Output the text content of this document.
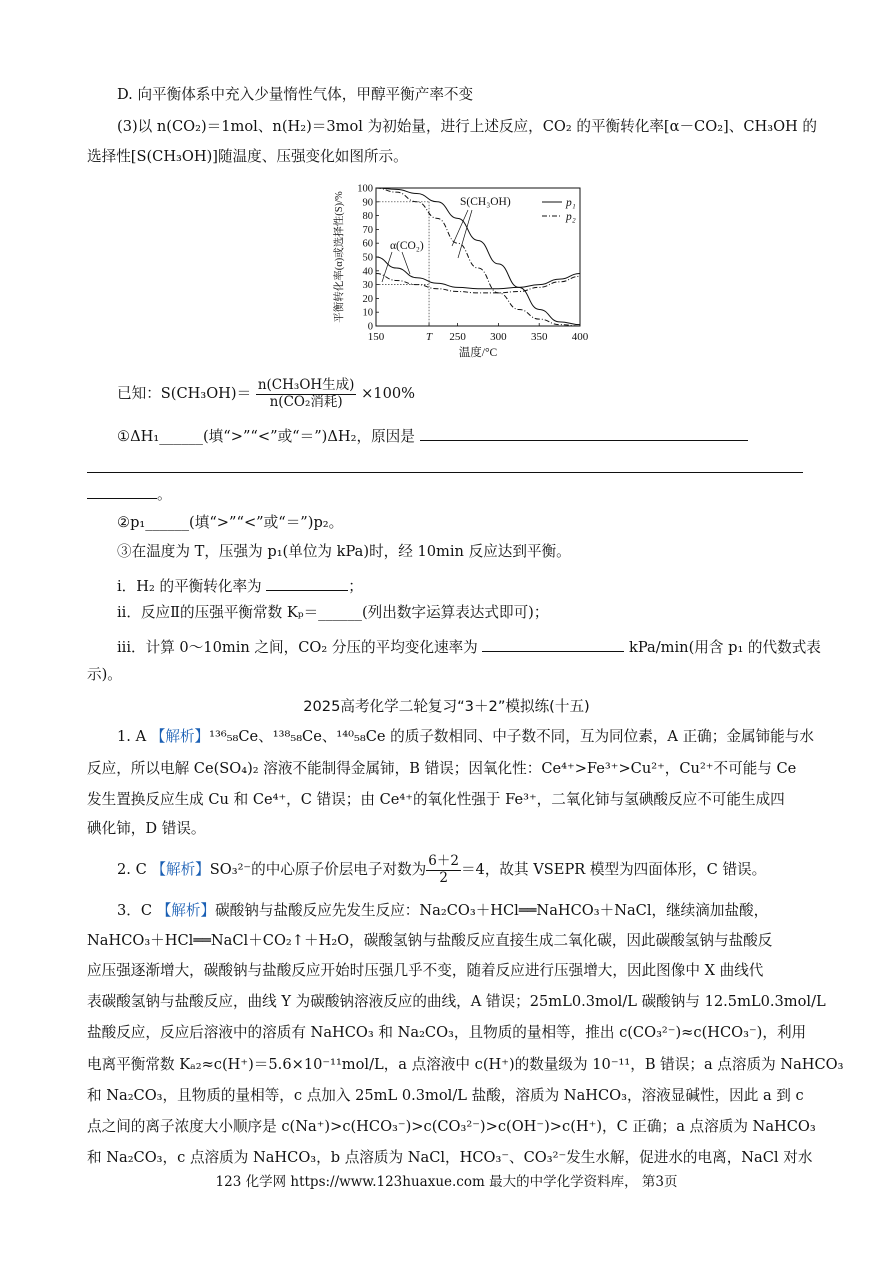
D. 向平衡体系中充入少量惰性气体，甲醇平衡产率不变
(3)以 n(CO₂)＝1mol、n(H₂)＝3mol 为初始量，进行上述反应，CO₂ 的平衡转化率[α－CO₂]、CH₃OH 的
选择性[S(CH₃OH)]随温度、压强变化如图所示。
0
10
20
30
40
50
60
70
80
90
100
150	T 250 300 350 400
温度/°C
平衡转化率(α)或选择性(S)/%	S(CH₃OH)
α(CO₂)
p₁
p₂
已知：$S(CH_3OH)= \frac{\text{n(CH₃OH生成)}}{\text{n(CO₂消耗)}} \times 100\%$
①ΔH₁______(填“>”“<”或“＝”)ΔH₂，原因是
。
②p₁______(填“>”“<”或“＝”)p₂。
③在温度为 T，压强为 p₁(单位为 kPa)时，经 10min 反应达到平衡。
i．H₂ 的平衡转化率为	；
ii．反应Ⅱ的压强平衡常数 Kₚ＝______(列出数字运算表达式即可)；
iii．计算 0～10min 之间，CO₂ 分压的平均变化速率为	kPa/min(用含 p₁ 的代数式表
示)。
2025高考化学二轮复习“3＋2”模拟练(十五)
1. A 【解析】¹³⁶₅₈Ce、¹³⁸₅₈Ce、¹⁴⁰₅₈Ce 的质子数相同、中子数不同，互为同位素，A 正确；金属铈能与水
反应，所以电解 Ce(SO₄)₂ 溶液不能制得金属铈，B 错误；因氧化性：Ce⁴⁺>Fe³⁺>Cu²⁺，Cu²⁺不可能与 Ce
发生置换反应生成 Cu 和 Ce⁴⁺，C 错误；由 Ce⁴⁺的氧化性强于 Fe³⁺，二氧化铈与氢碘酸反应不可能生成四
碘化铈，D 错误。
2. C 【解析】SO₃²⁻的中心原子价层电子对数为 $\frac{6+2}{2} =4$，故其 VSEPR 模型为四面体形，C 错误。
3．C 【解析】碳酸钠与盐酸反应先发生反应：Na₂CO₃＋HCl══NaHCO₃＋NaCl，继续滴加盐酸，
NaHCO₃＋HCl══NaCl＋CO₂↑＋H₂O，碳酸氢钠与盐酸反应直接生成二氧化碳，因此碳酸氢钠与盐酸反
应压强逐渐增大，碳酸钠与盐酸反应开始时压强几乎不变，随着反应进行压强增大，因此图像中 X 曲线代
表碳酸氢钠与盐酸反应，曲线 Y 为碳酸钠溶液反应的曲线，A 错误；25mL0.3mol/L 碳酸钠与 12.5mL0.3mol/L
盐酸反应，反应后溶液中的溶质有 NaHCO₃ 和 Na₂CO₃，且物质的量相等，推出 c(CO₃²⁻)≈c(HCO₃⁻)，利用
电离平衡常数 Kₐ₂≈c(H⁺)＝5.6×10⁻¹¹mol/L，a 点溶液中 c(H⁺)的数量级为 10⁻¹¹，B 错误；a 点溶质为 NaHCO₃
和 Na₂CO₃，且物质的量相等，c 点加入 25mL 0.3mol/L 盐酸，溶质为 NaHCO₃，溶液显碱性，因此 a 到 c
点之间的离子浓度大小顺序是 c(Na⁺)>c(HCO₃⁻)>c(CO₃²⁻)>c(OH⁻)>c(H⁺)，C 正确；a 点溶质为 NaHCO₃
和 Na₂CO₃，c 点溶质为 NaHCO₃，b 点溶质为 NaCl，HCO₃⁻、CO₃²⁻发生水解，促进水的电离，NaCl 对水
123 化学网 https://www.123huaxue.com 最大的中学化学资料库， 第3页
